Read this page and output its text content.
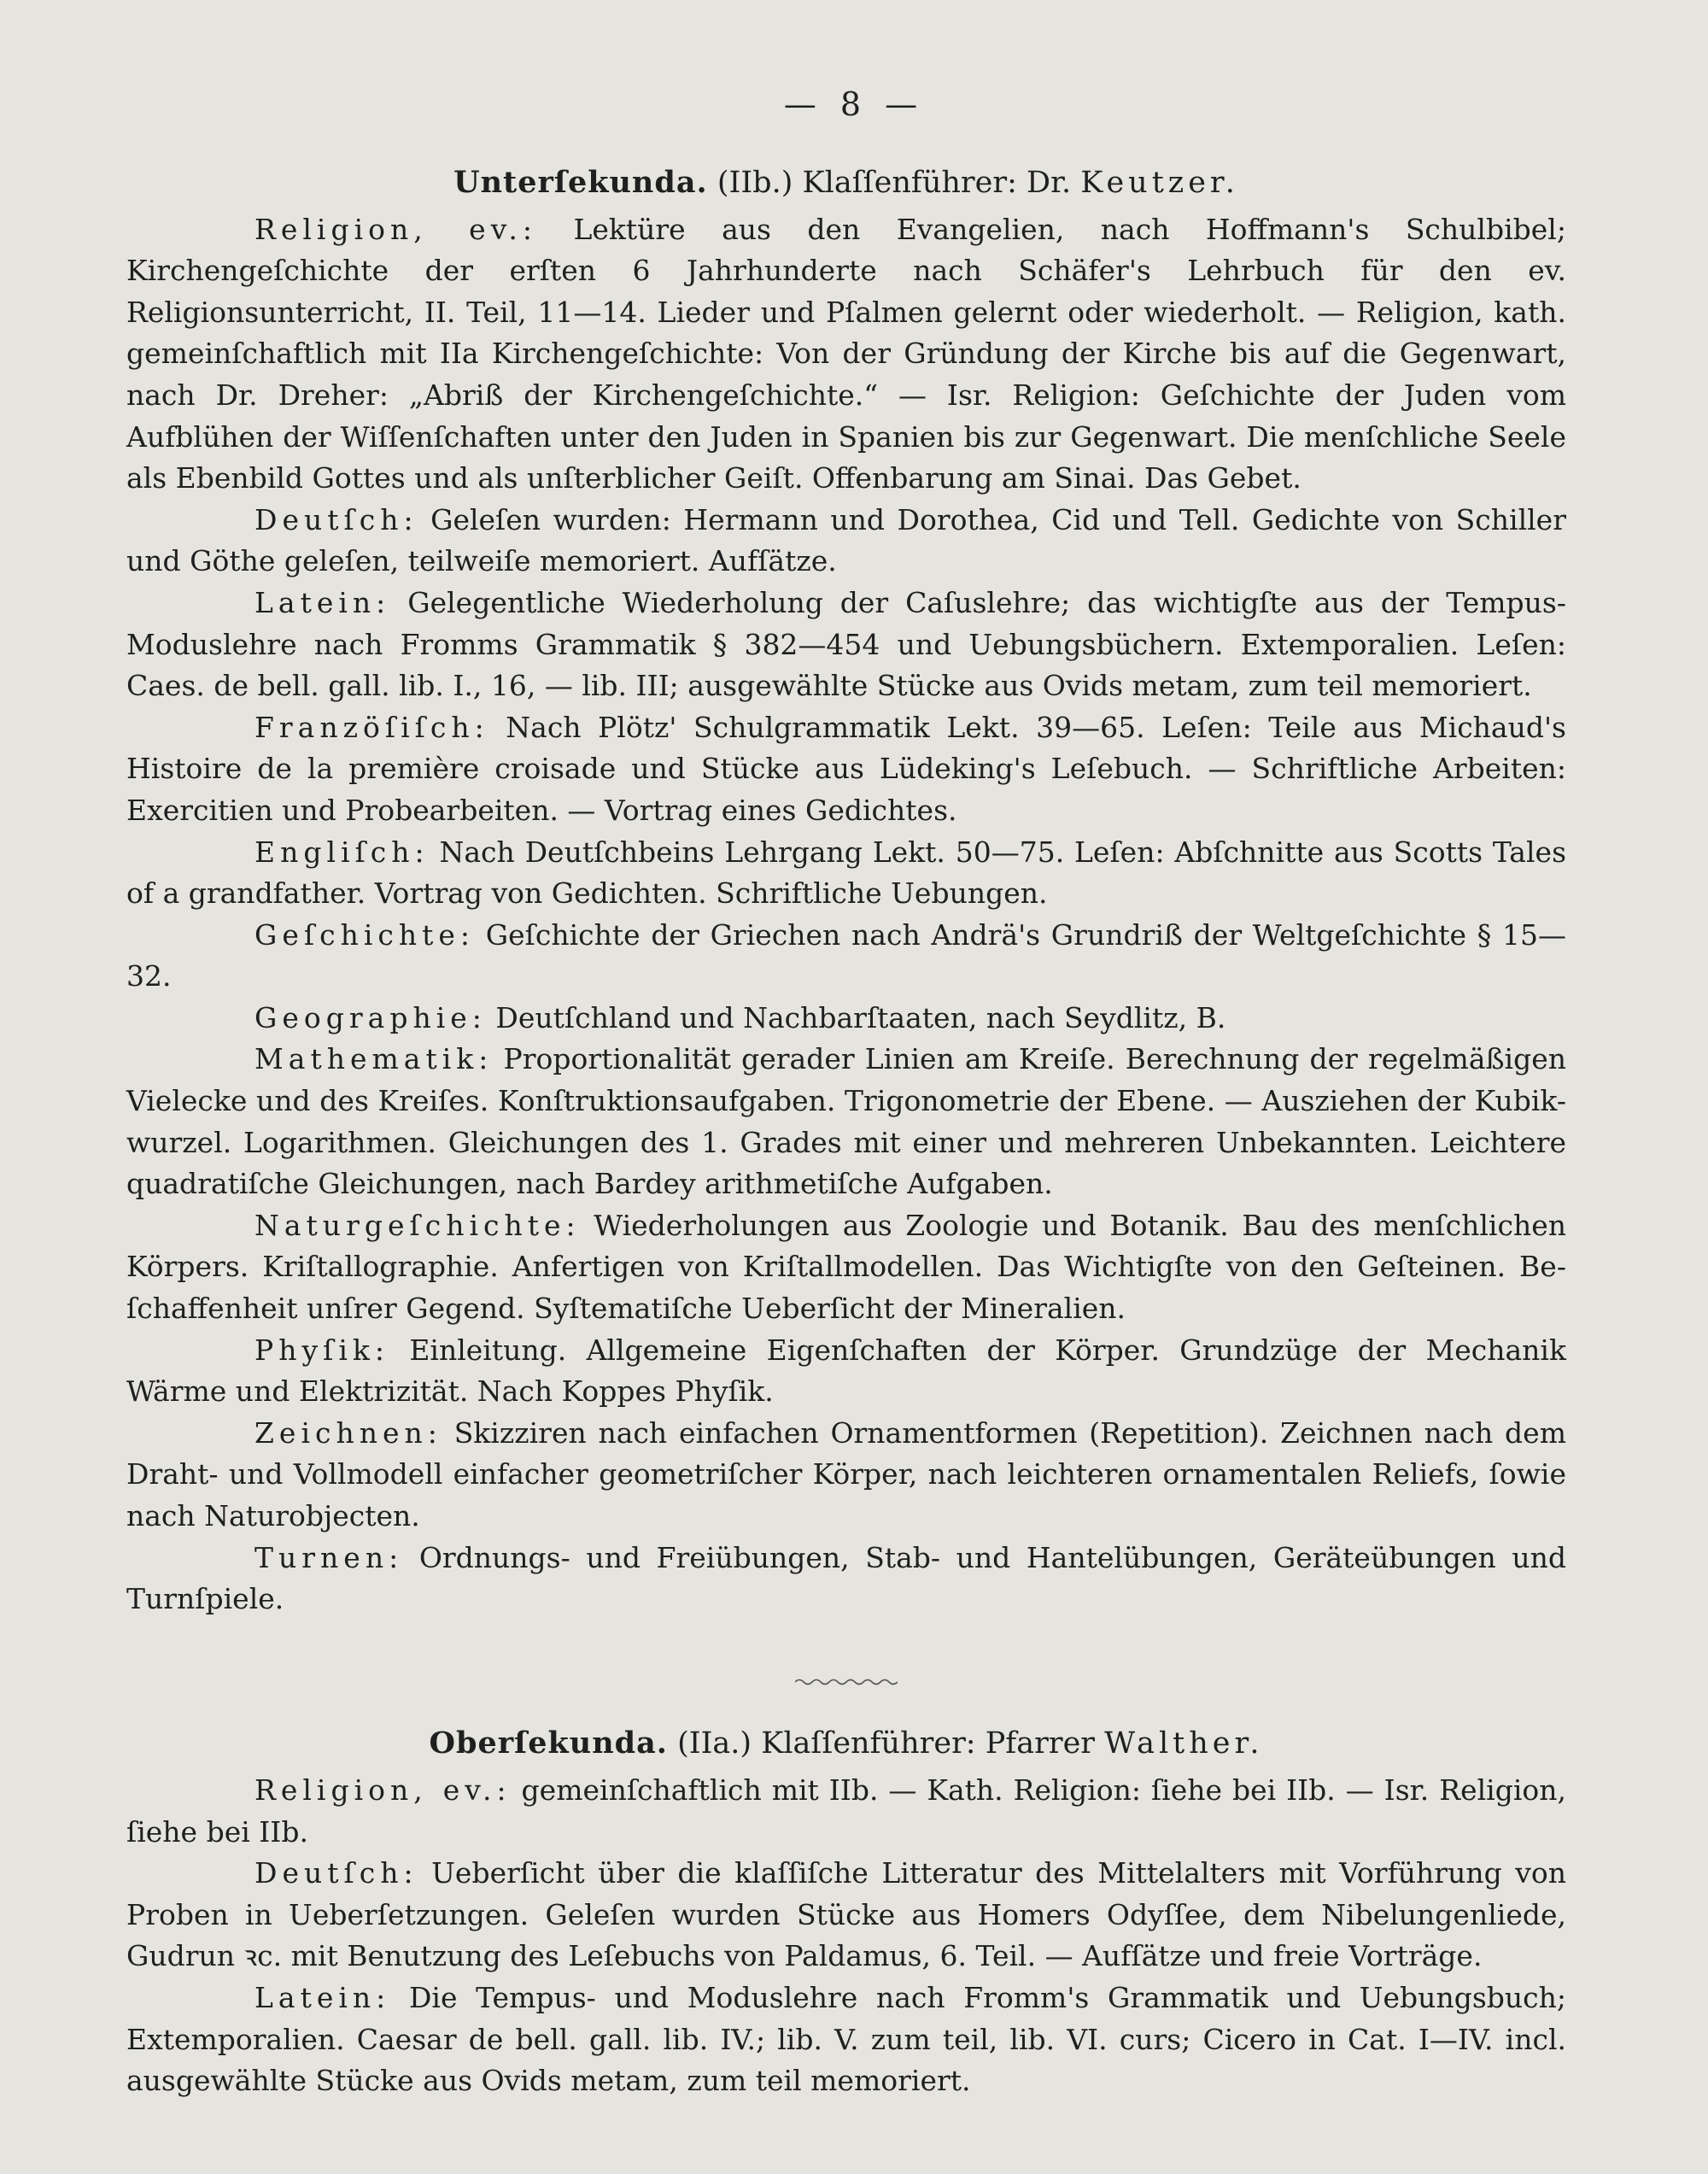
— 8 —
Unterſekunda. (IIb.) Klaſſenführer: Dr. Keutzer.

Religion, ev.: Lektüre aus den Evangelien, nach Hoffmann's Schulbibel; Kirchengeſchichte der erſten 6 Jahrhunderte nach Schäfer's Lehrbuch für den ev. Religionsunterricht, II. Teil, 11—14. Lieder und Pſalmen gelernt oder wiederholt. — Religion, kath. gemeinſchaftlich mit IIa Kirchengeſchichte: Von der Gründung der Kirche bis auf die Gegenwart, nach Dr. Dreher: „Abriß der Kirchengeſchichte.“ — Isr. Religion: Geſchichte der Juden vom Aufblühen der Wiſſenſchaften unter den Juden in Spanien bis zur Gegenwart. Die menſchliche Seele als Ebenbild Gottes und als unſterblicher Geiſt. Offenbarung am Sinai. Das Gebet.

Deutſch: Geleſen wurden: Hermann und Dorothea, Cid und Tell. Gedichte von Schiller und Göthe geleſen, teilweiſe memoriert. Aufſätze.

Latein: Gelegentliche Wiederholung der Caſuslehre; das wichtigſte aus der Tempus- Moduslehre nach Fromms Grammatik § 382—454 und Uebungsbüchern. Extemporalien. Leſen: Caes. de bell. gall. lib. I., 16, — lib. III; ausgewählte Stücke aus Ovids metam, zum teil memoriert.

Franzöſiſch: Nach Plötz' Schulgrammatik Lekt. 39—65. Leſen: Teile aus Michaud's Histoire de la première croisade und Stücke aus Lüdeking's Leſebuch. — Schriftliche Arbeiten: Exercitien und Probearbeiten. — Vortrag eines Gedichtes.

Engliſch: Nach Deutſchbeins Lehrgang Lekt. 50—75. Leſen: Abſchnitte aus Scotts Tales of a grandfather. Vortrag von Gedichten. Schriftliche Uebungen.

Geſchichte: Geſchichte der Griechen nach Andrä's Grundriß der Weltgeſchichte § 15—32.

Geographie: Deutſchland und Nachbarſtaaten, nach Seydlitz, B.

Mathematik: Proportionalität gerader Linien am Kreiſe. Berechnung der regelmäßigen Vielecke und des Kreiſes. Konſtruktionsaufgaben. Trigonometrie der Ebene. — Ausziehen der Kubik- wurzel. Logarithmen. Gleichungen des 1. Grades mit einer und mehreren Unbekannten. Leichtere quadratiſche Gleichungen, nach Bardey arithmetiſche Aufgaben.

Naturgeſchichte: Wiederholungen aus Zoologie und Botanik. Bau des menſchlichen Körpers. Kriſtallographie. Anfertigen von Kriſtallmodellen. Das Wichtigſte von den Geſteinen. Be- ſchaffenheit unſrer Gegend. Syſtematiſche Ueberſicht der Mineralien.

Phyſik: Einleitung. Allgemeine Eigenſchaften der Körper. Grundzüge der Mechanik Wärme und Elektrizität. Nach Koppes Phyſik.

Zeichnen: Skizziren nach einfachen Ornamentformen (Repetition). Zeichnen nach dem Draht- und Vollmodell einfacher geometriſcher Körper, nach leichteren ornamentalen Reliefs, ſowie nach Naturobjecten.

Turnen: Ordnungs- und Freiübungen, Stab- und Hantelübungen, Geräteübungen und Turnſpiele.

Oberſekunda. (IIa.) Klaſſenführer: Pfarrer Walther.

Religion, ev.: gemeinſchaftlich mit IIb. — Kath. Religion: ſiehe bei IIb. — Isr. Religion, ſiehe bei IIb.

Deutſch: Ueberſicht über die klaſſiſche Litteratur des Mittelalters mit Vorführung von Proben in Ueberſetzungen. Geleſen wurden Stücke aus Homers Odyſſee, dem Nibelungenliede, Gudrun ꝛc. mit Benutzung des Leſebuchs von Paldamus, 6. Teil. — Aufſätze und freie Vorträge.

Latein: Die Tempus- und Moduslehre nach Fromm's Grammatik und Uebungsbuch; Extemporalien. Caesar de bell. gall. lib. IV.; lib. V. zum teil, lib. VI. curs; Cicero in Cat. I—IV. incl. ausgewählte Stücke aus Ovids metam, zum teil memoriert.
